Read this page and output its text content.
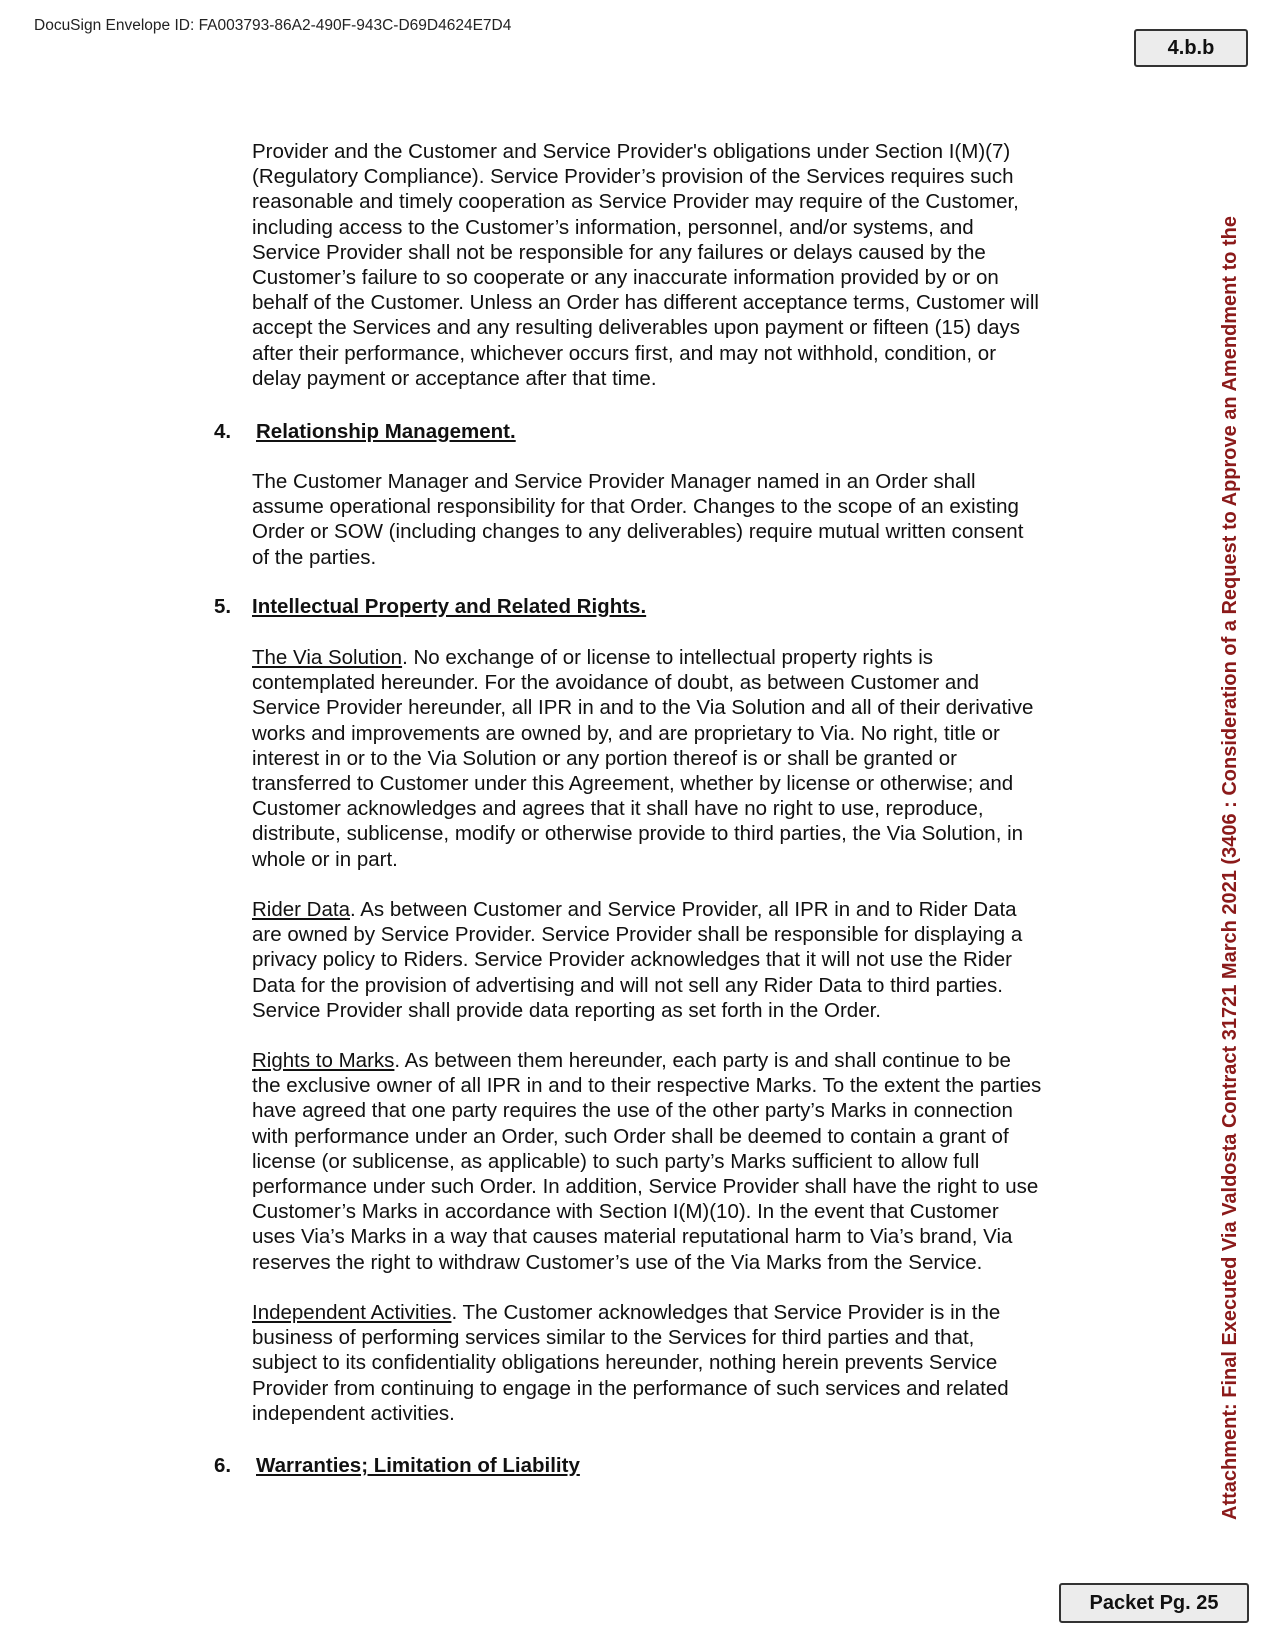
DocuSign Envelope ID: FA003793-86A2-490F-943C-D69D4624E7D4
4.b.b
Attachment: Final Executed Via Valdosta Contract 31721 March 2021 (3406 : Consideration of a Request to Approve an Amendment to the
Provider and the Customer and Service Provider's obligations under Section I(M)(7)
(Regulatory Compliance). Service Provider’s provision of the Services requires such
reasonable and timely cooperation as Service Provider may require of the Customer,
including access to the Customer’s information, personnel, and/or systems, and
Service Provider shall not be responsible for any failures or delays caused by the
Customer’s failure to so cooperate or any inaccurate information provided by or on
behalf of the Customer. Unless an Order has different acceptance terms, Customer will
accept the Services and any resulting deliverables upon payment or fifteen (15) days
after their performance, whichever occurs first, and may not withhold, condition, or
delay payment or acceptance after that time.
4.	Relationship Management.
The Customer Manager and Service Provider Manager named in an Order shall
assume operational responsibility for that Order. Changes to the scope of an existing
Order or SOW (including changes to any deliverables) require mutual written consent
of the parties.
5.	Intellectual Property and Related Rights.
The Via Solution. No exchange of or license to intellectual property rights is
contemplated hereunder. For the avoidance of doubt, as between Customer and
Service Provider hereunder, all IPR in and to the Via Solution and all of their derivative
works and improvements are owned by, and are proprietary to Via. No right, title or
interest in or to the Via Solution or any portion thereof is or shall be granted or
transferred to Customer under this Agreement, whether by license or otherwise; and
Customer acknowledges and agrees that it shall have no right to use, reproduce,
distribute, sublicense, modify or otherwise provide to third parties, the Via Solution, in
whole or in part.
Rider Data. As between Customer and Service Provider, all IPR in and to Rider Data
are owned by Service Provider. Service Provider shall be responsible for displaying a
privacy policy to Riders. Service Provider acknowledges that it will not use the Rider
Data for the provision of advertising and will not sell any Rider Data to third parties.
Service Provider shall provide data reporting as set forth in the Order.
Rights to Marks. As between them hereunder, each party is and shall continue to be
the exclusive owner of all IPR in and to their respective Marks. To the extent the parties
have agreed that one party requires the use of the other party’s Marks in connection
with performance under an Order, such Order shall be deemed to contain a grant of
license (or sublicense, as applicable) to such party’s Marks sufficient to allow full
performance under such Order. In addition, Service Provider shall have the right to use
Customer’s Marks in accordance with Section I(M)(10). In the event that Customer
uses Via’s Marks in a way that causes material reputational harm to Via’s brand, Via
reserves the right to withdraw Customer’s use of the Via Marks from the Service.
Independent Activities. The Customer acknowledges that Service Provider is in the
business of performing services similar to the Services for third parties and that,
subject to its confidentiality obligations hereunder, nothing herein prevents Service
Provider from continuing to engage in the performance of such services and related
independent activities.
6.	Warranties; Limitation of Liability
Packet Pg. 25
